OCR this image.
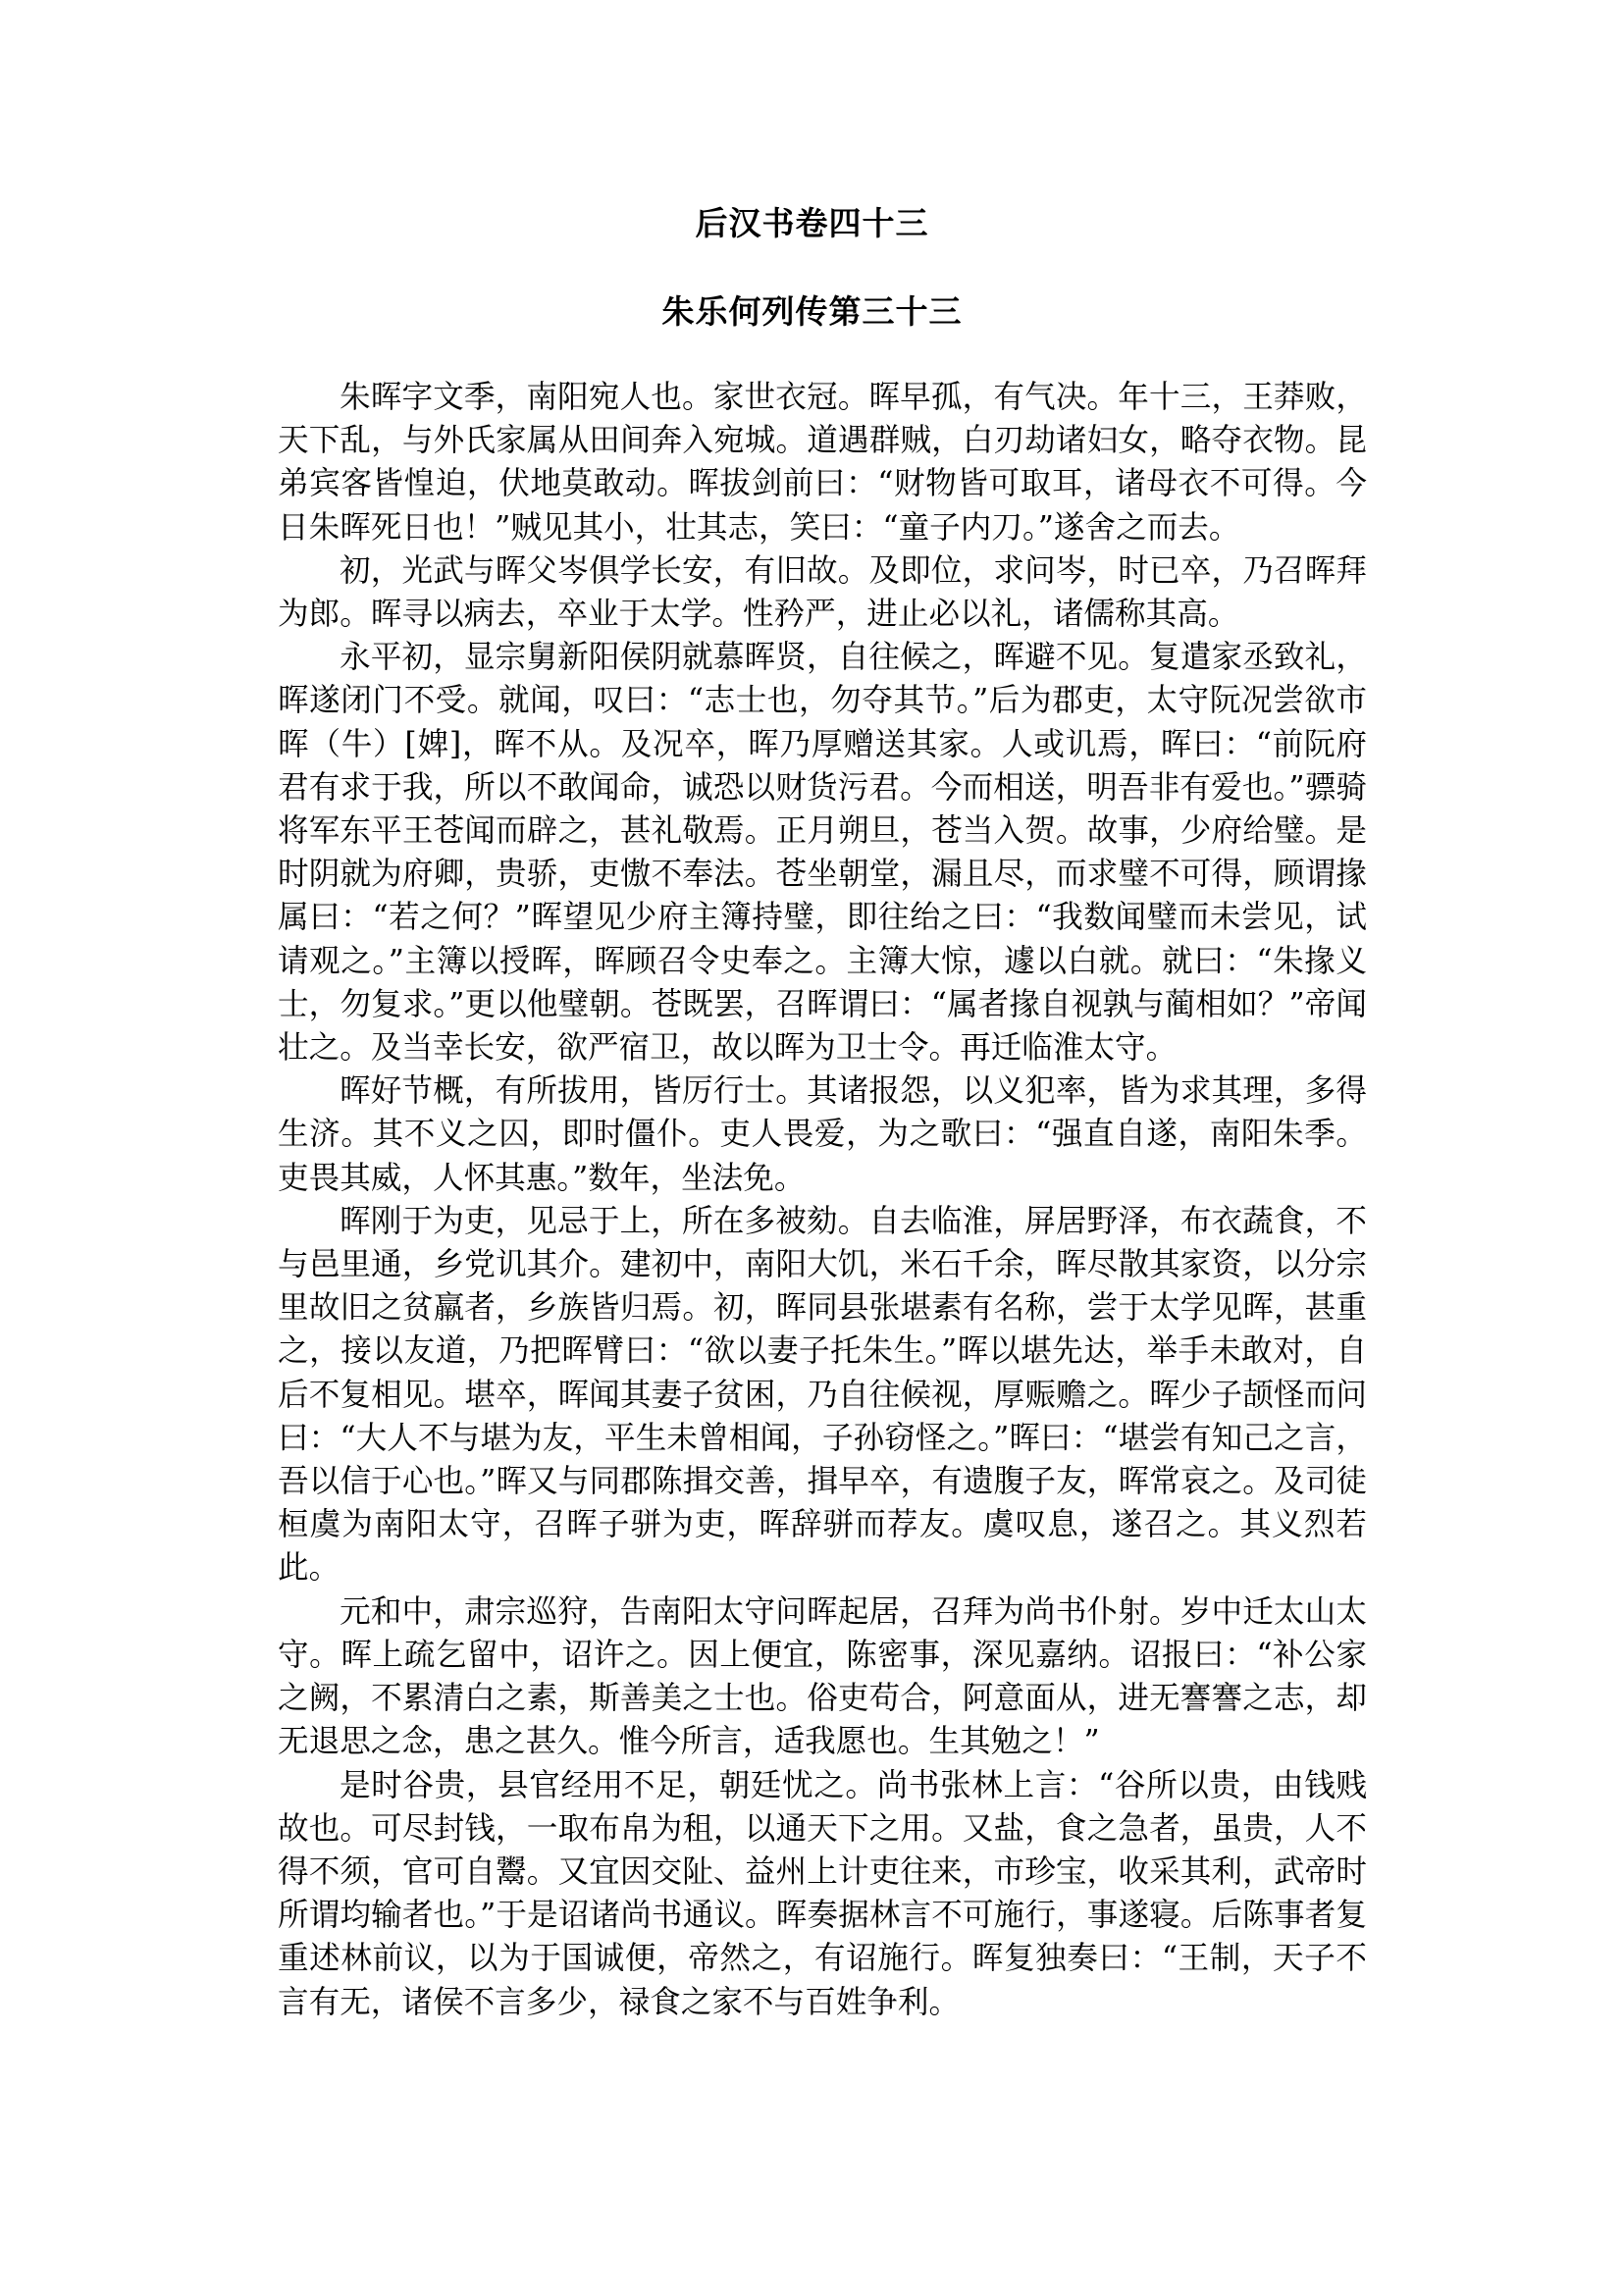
后汉书卷四十三
朱乐何列传第三十三

朱晖字文季，南阳宛人也。家世衣冠。晖早孤，有气决。年十三，王莽败，天下乱，与外氏家属从田间奔入宛城。道遇群贼，白刃劫诸妇女，略夺衣物。昆弟宾客皆惶迫，伏地莫敢动。晖拔剑前曰：“财物皆可取耳，诸母衣不可得。今日朱晖死日也！”贼见其小，壮其志，笑曰：“童子内刀。”遂舍之而去。

初，光武与晖父岑俱学长安，有旧故。及即位，求问岑，时已卒，乃召晖拜为郎。晖寻以病去，卒业于太学。性矜严，进止必以礼，诸儒称其高。

永平初，显宗舅新阳侯阴就慕晖贤，自往候之，晖避不见。复遣家丞致礼，晖遂闭门不受。就闻，叹曰：“志士也，勿夺其节。”后为郡吏，太守阮况尝欲市晖（牛）[婢]，晖不从。及况卒，晖乃厚赠送其家。人或讥焉，晖曰：“前阮府君有求于我，所以不敢闻命，诚恐以财货污君。今而相送，明吾非有爱也。”骠骑将军东平王苍闻而辟之，甚礼敬焉。正月朔旦，苍当入贺。故事，少府给璧。是时阴就为府卿，贵骄，吏慠不奉法。苍坐朝堂，漏且尽，而求璧不可得，顾谓掾属曰：“若之何？”晖望见少府主簿持璧，即往绐之曰：“我数闻璧而未尝见，试请观之。”主簿以授晖，晖顾召令史奉之。主簿大惊，遽以白就。就曰：“朱掾义士，勿复求。”更以他璧朝。苍既罢，召晖谓曰：“属者掾自视孰与蔺相如？”帝闻壮之。及当幸长安，欲严宿卫，故以晖为卫士令。再迁临淮太守。

晖好节概，有所拔用，皆厉行士。其诸报怨，以义犯率，皆为求其理，多得生济。其不义之囚，即时僵仆。吏人畏爱，为之歌曰：“强直自遂，南阳朱季。吏畏其威，人怀其惠。”数年，坐法免。

晖刚于为吏，见忌于上，所在多被劾。自去临淮，屏居野泽，布衣蔬食，不与邑里通，乡党讥其介。建初中，南阳大饥，米石千余，晖尽散其家资，以分宗里故旧之贫羸者，乡族皆归焉。初，晖同县张堪素有名称，尝于太学见晖，甚重之，接以友道，乃把晖臂曰：“欲以妻子托朱生。”晖以堪先达，举手未敢对，自后不复相见。堪卒，晖闻其妻子贫困，乃自往候视，厚赈赡之。晖少子颉怪而问曰：“大人不与堪为友，平生未曾相闻，子孙窃怪之。”晖曰：“堪尝有知己之言，吾以信于心也。”晖又与同郡陈揖交善，揖早卒，有遗腹子友，晖常哀之。及司徒桓虞为南阳太守，召晖子骈为吏，晖辞骈而荐友。虞叹息，遂召之。其义烈若此。

元和中，肃宗巡狩，告南阳太守问晖起居，召拜为尚书仆射。岁中迁太山太守。晖上疏乞留中，诏许之。因上便宜，陈密事，深见嘉纳。诏报曰：“补公家之阙，不累清白之素，斯善美之士也。俗吏苟合，阿意面从，进无謇謇之志，却无退思之念，患之甚久。惟今所言，适我愿也。生其勉之！”

是时谷贵，县官经用不足，朝廷忧之。尚书张林上言：“谷所以贵，由钱贱故也。可尽封钱，一取布帛为租，以通天下之用。又盐，食之急者，虽贵，人不得不须，官可自鬻。又宜因交阯、益州上计吏往来，市珍宝，收采其利，武帝时所谓均输者也。”于是诏诸尚书通议。晖奏据林言不可施行，事遂寝。后陈事者复重述林前议，以为于国诚便，帝然之，有诏施行。晖复独奏曰：“王制，天子不言有无，诸侯不言多少，禄食之家不与百姓争利。
